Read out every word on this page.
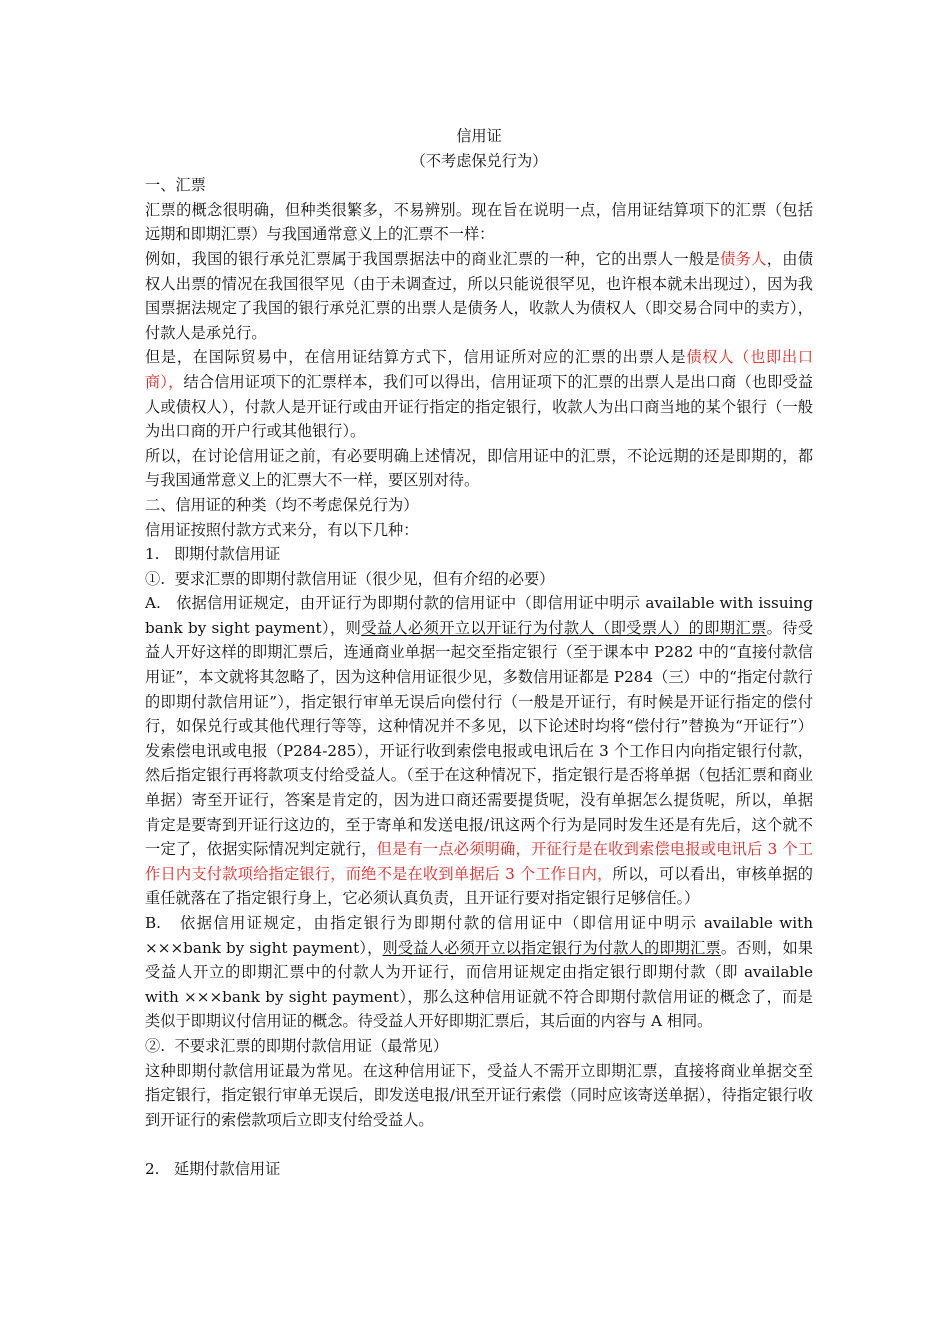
信用证

（不考虑保兑行为）

一、汇票

汇票的概念很明确，但种类很繁多，不易辨别。现在旨在说明一点，信用证结算项下的汇票（包括远期和即期汇票）与我国通常意义上的汇票不一样：

例如，我国的银行承兑汇票属于我国票据法中的商业汇票的一种，它的出票人一般是债务人，由债权人出票的情况在我国很罕见（由于未调查过，所以只能说很罕见，也许根本就未出现过），因为我国票据法规定了我国的银行承兑汇票的出票人是债务人，收款人为债权人（即交易合同中的卖方），付款人是承兑行。

但是，在国际贸易中，在信用证结算方式下，信用证所对应的汇票的出票人是债权人（也即出口商），结合信用证项下的汇票样本，我们可以得出，信用证项下的汇票的出票人是出口商（也即受益人或债权人），付款人是开证行或由开证行指定的指定银行，收款人为出口商当地的某个银行（一般为出口商的开户行或其他银行）。

所以，在讨论信用证之前，有必要明确上述情况，即信用证中的汇票，不论远期的还是即期的，都与我国通常意义上的汇票大不一样，要区别对待。

二、信用证的种类（均不考虑保兑行为）

信用证按照付款方式来分，有以下几种：

1.   即期付款信用证

①.  要求汇票的即期付款信用证（很少见，但有介绍的必要）

A.   依据信用证规定，由开证行为即期付款的信用证中（即信用证中明示 available with issuing bank by sight payment），则受益人必须开立以开证行为付款人（即受票人）的即期汇票。待受益人开好这样的即期汇票后，连通商业单据一起交至指定银行（至于课本中 P282 中的“直接付款信用证”，本文就将其忽略了，因为这种信用证很少见，多数信用证都是 P284（三）中的“指定付款行的即期付款信用证”），指定银行审单无误后向偿付行（一般是开证行，有时候是开证行指定的偿付行，如保兑行或其他代理行等等，这种情况并不多见，以下论述时均将“偿付行”替换为“开证行”）发索偿电讯或电报（P284-285），开证行收到索偿电报或电讯后在 3 个工作日内向指定银行付款，然后指定银行再将款项支付给受益人。（至于在这种情况下，指定银行是否将单据（包括汇票和商业单据）寄至开证行，答案是肯定的，因为进口商还需要提货呢，没有单据怎么提货呢，所以，单据肯定是要寄到开证行这边的，至于寄单和发送电报/讯这两个行为是同时发生还是有先后，这个就不一定了，依据实际情况判定就行，但是有一点必须明确，开征行是在收到索偿电报或电讯后 3 个工作日内支付款项给指定银行，而绝不是在收到单据后 3 个工作日内，所以，可以看出，审核单据的重任就落在了指定银行身上，它必须认真负责，且开证行要对指定银行足够信任。）

B.   依据信用证规定，由指定银行为即期付款的信用证中（即信用证中明示 available with ×××bank by sight payment），则受益人必须开立以指定银行为付款人的即期汇票。否则，如果受益人开立的即期汇票中的付款人为开证行，而信用证规定由指定银行即期付款（即 available with ×××bank by sight payment），那么这种信用证就不符合即期付款信用证的概念了，而是类似于即期议付信用证的概念。待受益人开好即期汇票后，其后面的内容与 A 相同。

②.  不要求汇票的即期付款信用证（最常见）

这种即期付款信用证最为常见。在这种信用证下，受益人不需开立即期汇票，直接将商业单据交至指定银行，指定银行审单无误后，即发送电报/讯至开证行索偿（同时应该寄送单据），待指定银行收到开证行的索偿款项后立即支付给受益人。

2.   延期付款信用证
